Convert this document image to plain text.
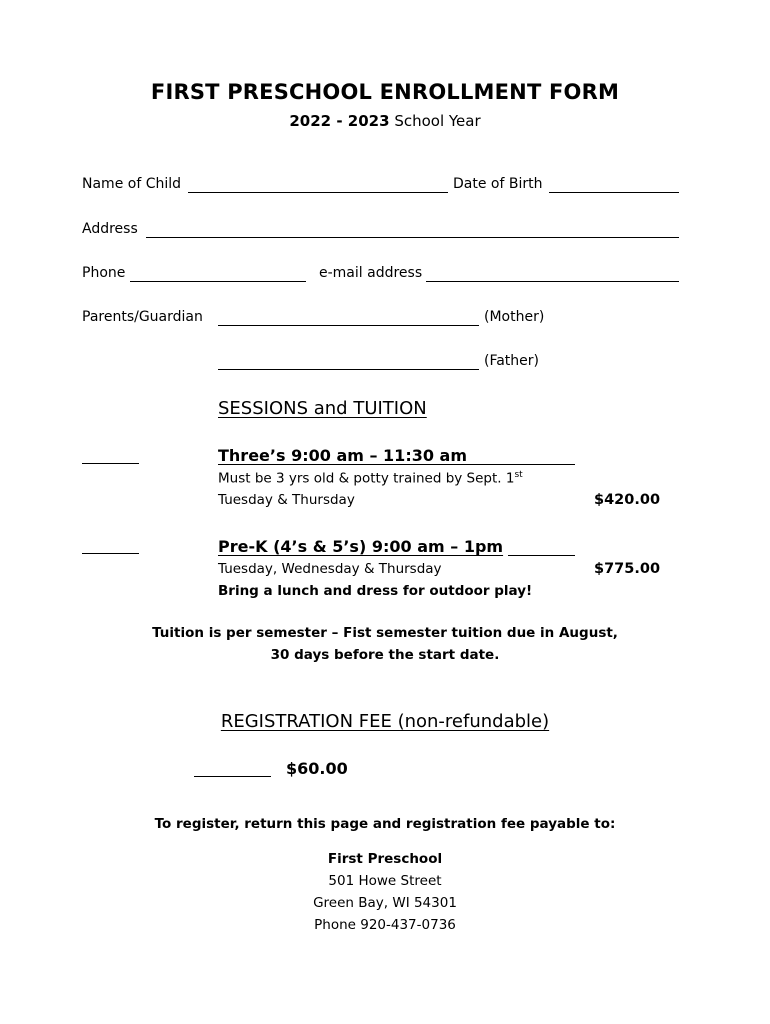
FIRST PRESCHOOL ENROLLMENT FORM
2022 - 2023 School Year
Name of Child	Date of Birth
Address
Phone	e-mail address
Parents/Guardian	(Mother)
(Father)
SESSIONS and TUITION
Three’s 9:00 am – 11:30 am
Must be 3 yrs old & potty trained by Sept. 1st
Tuesday & Thursday	$420.00
Pre-K (4’s & 5’s) 9:00 am – 1pm
Tuesday, Wednesday & Thursday	$775.00
Bring a lunch and dress for outdoor play!
Tuition is per semester – Fist semester tuition due in August,
30 days before the start date.
REGISTRATION FEE (non-refundable)
$60.00
To register, return this page and registration fee payable to:
First Preschool
501 Howe Street
Green Bay, WI 54301
Phone 920-437-0736
